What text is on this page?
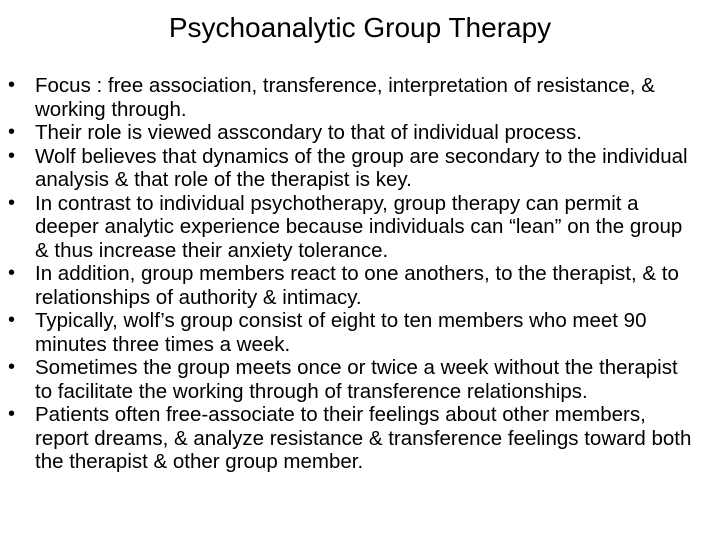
Psychoanalytic Group Therapy
• Focus : free association, transference, interpretation of resistance, & working through.
• Their role is viewed asscondary to that of individual process.
• Wolf believes that dynamics of the group are secondary to the individual analysis & that role of the therapist is key.
• In contrast to individual psychotherapy, group therapy can permit a deeper analytic experience because individuals can “lean” on the group & thus increase their anxiety tolerance.
• In addition, group members react to one anothers, to the therapist, & to relationships of authority & intimacy.
• Typically, wolf’s group consist of eight to ten members who meet 90 minutes three times a week.
• Sometimes the group meets once or twice a week without the therapist to facilitate the working through of transference relationships.
• Patients often free-associate to their feelings about other members, report dreams, & analyze resistance & transference feelings toward both the therapist & other group member.
